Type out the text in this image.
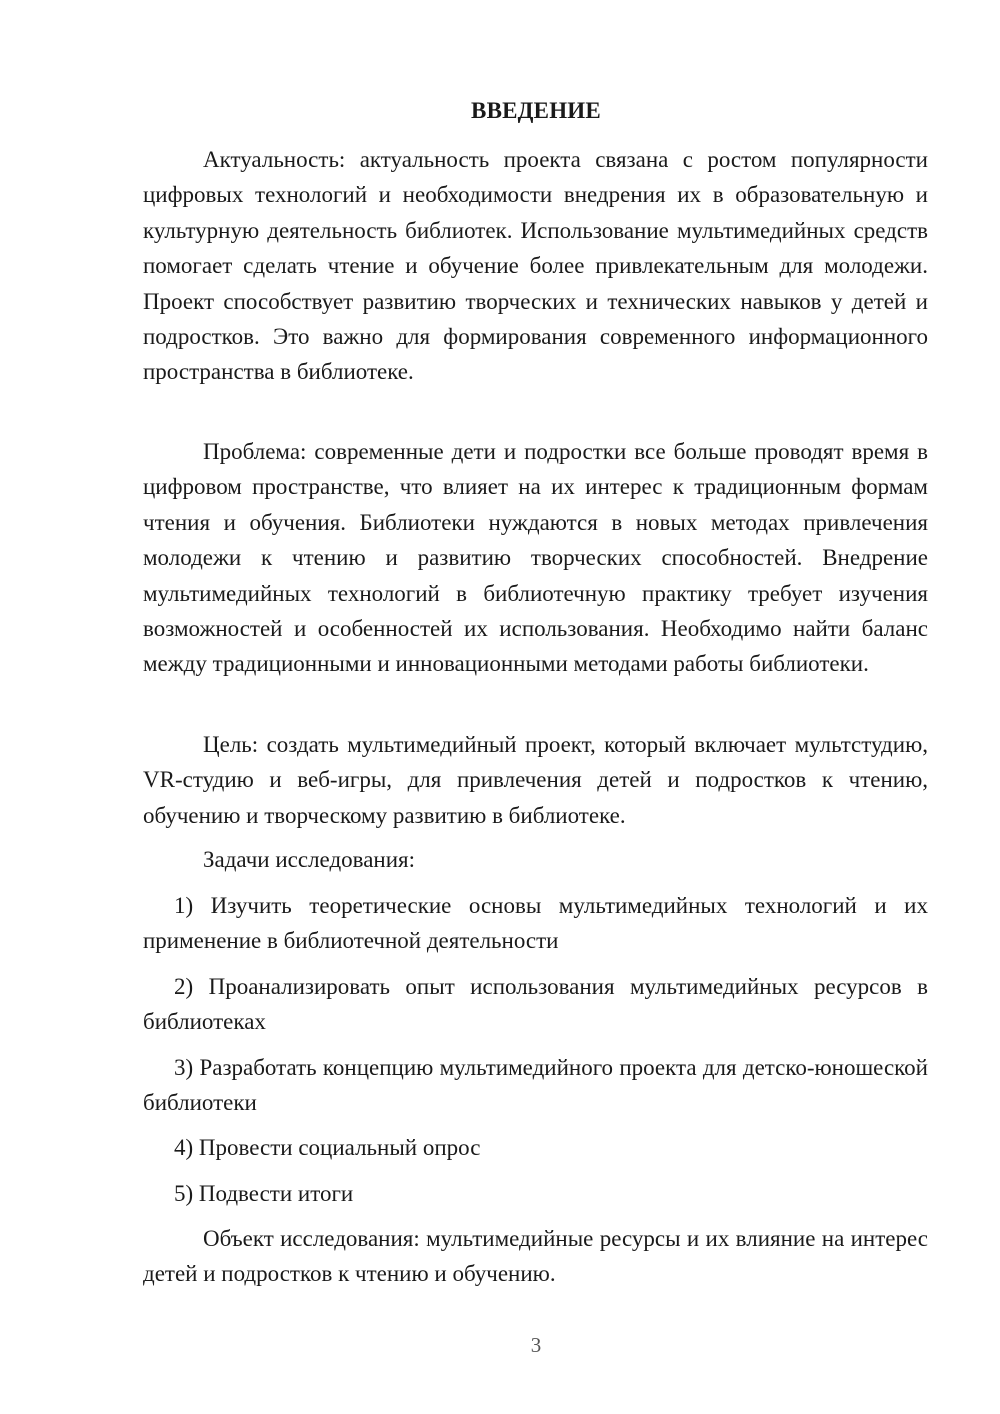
ВВЕДЕНИЕ

Актуальность: актуальность проекта связана с ростом популярности цифровых технологий и необходимости внедрения их в образовательную и культурную деятельность библиотек. Использование мультимедийных средств помогает сделать чтение и обучение более привлекательным для молодежи. Проект способствует развитию творческих и технических навыков у детей и подростков. Это важно для формирования современного информационного пространства в библиотеке.

Проблема: современные дети и подростки все больше проводят время в цифровом пространстве, что влияет на их интерес к традиционным формам чтения и обучения. Библиотеки нуждаются в новых методах привлечения молодежи к чтению и развитию творческих способностей. Внедрение мультимедийных технологий в библиотечную практику требует изучения возможностей и особенностей их использования. Необходимо найти баланс между традиционными и инновационными методами работы библиотеки.

Цель: создать мультимедийный проект, который включает мультстудию, VR-студию и веб-игры, для привлечения детей и подростков к чтению, обучению и творческому развитию в библиотеке.

Задачи исследования:

1) Изучить теоретические основы мультимедийных технологий и их применение в библиотечной деятельности

2) Проанализировать опыт использования мультимедийных ресурсов в библиотеках

3) Разработать концепцию мультимедийного проекта для детско-юношеской библиотеки

4) Провести социальный опрос

5) Подвести итоги

Объект исследования: мультимедийные ресурсы и их влияние на интерес детей и подростков к чтению и обучению.

3
